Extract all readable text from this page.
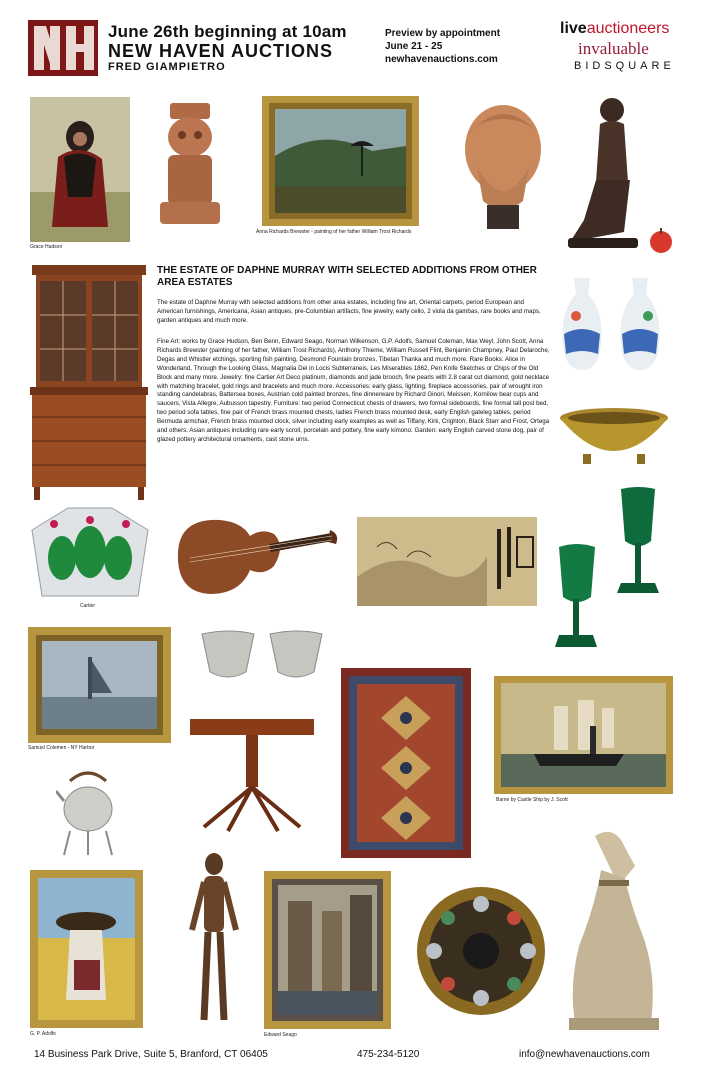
June 26th beginning at 10am
NEW HAVEN AUCTIONS
FRED GIAMPIETRO
Preview by appointment
June 21 - 25
newhavenauctions.com
liveauctioneers
invaluable
BIDSQUARE
Grace Hudson
Anna Richards Brewster - painting of her father William Trost Richards
THE ESTATE OF DAPHNE MURRAY WITH SELECTED ADDITIONS FROM OTHER AREA ESTATES
The estate of Daphne Murray with selected additions from other area estates, including fine art, Oriental carpets, period European and American furnishings, Americana, Asian antiques, pre-Columbian artifacts, fine jewelry, early cello, 2 viola da gambas, rare books and maps, garden antiques and much more.
Fine Art: works by Grace Hudson, Ben Benn, Edward Seago, Norman Wilkenson, G.P. Adolfs, Samuel Coleman, Max Weyl, John Scott, Anna Richards Brewster (painting of her father, William Trost Richards), Anthony Thieme, William Russell Flint, Benjamin Champney, Paul Delaroche, Degas and Whistler etchings, sporting fish painting, Desmond Fountain bronzes, Tibetan Thanka and much more. Rare Books: Alice in Wonderland, Through the Looking Glass, Magnalia Dei in Locis Subterraneis, Les Miserables 1862, Pen Knife Sketches or Chips of the Old Block and many more. Jewelry: fine Cartier Art Deco platinum, diamonds and jade brooch, fine pearls with 2.8 carat cut diamond, gold necklace with matching bracelet, gold rings and bracelets and much more. Accessories: early glass, lighting, fireplace accessories, pair of wrought iron standing candelabras, Battersea boxes, Austrian cold painted bronzes, fine dinnerware by Richard Ginori, Meissen, Kornilow bear cups and saucers, Vista Allegre, Aubusson tapestry. Furniture: two period Connecticut chests of drawers, two formal sideboards, fine formal tall post bed, two period sofa tables, fine pair of French brass mounted chests, ladies French brass mounted desk, early English gateleg tables, period Bermuda armchair, French brass mounted clock, silver including early examples as well as Tiffany, Kirk, Crighton, Black Starr and Frost, Ortega and others. Asian antiques including rare early scroll, porcelain and pottery, fine early kimono. Garden: early English carved stone dog, pair of glazed pottery architectural ornaments, cast stone urns.
Cartier
Samuel Colemen - NY Harbor
Barne by Castle Ship by J. Scott
G. P. Adolfs	Edward Seago
14 Business Park Drive, Suite 5, Branford, CT 06405	475-234-5120	info@newhavenauctions.com
